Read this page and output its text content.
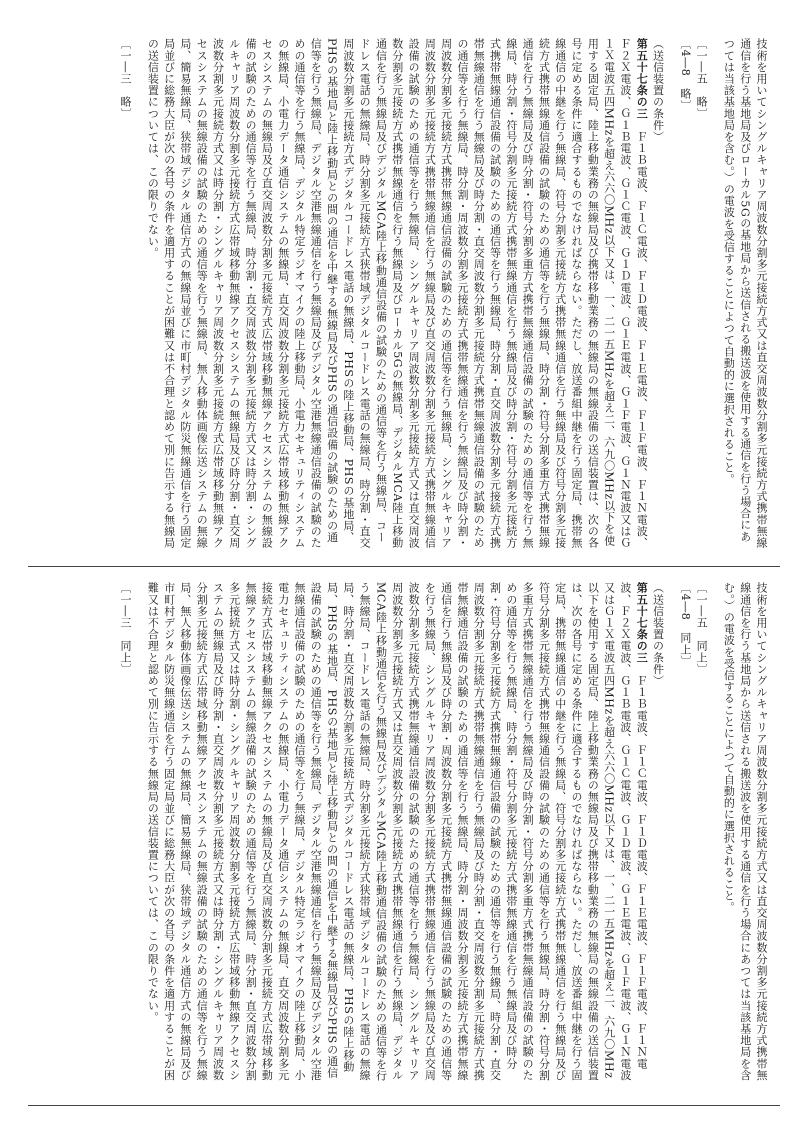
技術を用いてシングルキャリア周波数分割多元接続方式又は直交周波数分割多元接続方式携帯無線通信を行う基地局及びローカル5Gの基地局から送信される搬送波を使用する通信を行う場合にあつては当該基地局を含む。）の電波を受信することによつて自動的に選択されること。

〔一―五　略〕

〔4―8　略〕

（送信装置の条件）

第五十七条の三　Ｆ１Ｂ電波、Ｆ１Ｃ電波、Ｆ１Ｄ電波、Ｆ１Ｅ電波、Ｆ１Ｆ電波、Ｆ１Ｎ電波、Ｆ２Ｘ電波、Ｇ１Ｂ電波、Ｇ１Ｃ電波、Ｇ１Ｄ電波、Ｇ１Ｅ電波、Ｇ１Ｆ電波、Ｇ１Ｎ電波又はＧ１Ｘ電波五四MHzを超え六六〇MHz以下又は、一、二一五MHzを超え二、六九〇MHz以下を使用する固定局、陸上移動業務の無線局及び携帯移動業務の無線局の無線設備の送信装置は、次の各号に定める条件に適合するものでなければならない。ただし、放送番組中継を行う固定局、携帯無線通信の中継を行う無線局、符号分割多元接続方式携帯無線通信を行う無線局及び符号分割多元接続方式携帯無線通信設備の試験のための通信等を行う無線局、時分割・符号分割多重方式携帯無線通信を行う無線局及び時分割・符号分割多重方式携帯無線通信設備の試験のための通信等を行う無線局、時分割・符号分割多元接続方式携帯無線通信を行う無線局及び時分割・符号分割多元接続方式携帯無線通信設備の試験のための通信等を行う無線局、時分割・直交周波数分割多元接続方式携帯無線通信を行う無線局及び時分割・直交周波数分割多元接続方式携帯無線通信設備の試験のための通信等を行う無線局、時分割・周波数分割多元接続方式携帯無線通信を行う無線局及び時分割・周波数分割多元接続方式携帯無線通信設備の試験のための通信等を行う無線局、シングルキャリア周波数分割多元接続方式携帯無線通信を行う無線局及び直交周波数分割多元接続方式携帯無線通信設備の試験のための通信等を行う無線局、シングルキャリア周波数分割多元接続方式又は直交周波数分割多元接続方式携帯無線通信を行う無線局及びローカル5Gの無線局、デジタルMCA陸上移動通信を行う無線局及びデジタルMCA陸上移動通信設備の試験のための通信等を行う無線局、コードレス電話の無線局、時分割多元接続方式狭帯域デジタルコードレス電話の無線局、時分割・直交周波数分割多元接続方式デジタルコードレス電話の無線局、PHSの陸上移動局、PHSの基地局、PHSの基地局と陸上移動局との間の通信を中継する無線局及びPHSの通信設備の試験のための通信等を行う無線局、デジタル空港無線通信を行う無線局及びデジタル空港無線通信設備の試験のための通信等を行う無線局、デジタル特定ラジオマイクの陸上移動局、小電力セキュリティシステムの無線局、小電力データ通信システムの無線局、直交周波数分割多元接続方式広帯域移動無線アクセスシステムの無線局及び直交周波数分割多元接続方式広帯域移動無線アクセスシステムの無線設備の試験のための通信等を行う無線局、時分割・直交周波数分割多元接続方式又は時分割・シングルキャリア周波数分割多元接続方式広帯域移動無線アクセスシステムの無線局及び時分割・直交周波数分割多元接続方式又は時分割・シングルキャリア周波数分割多元接続方式広帯域移動無線アクセスシステムの無線設備の試験のための通信等を行う無線局、無人移動体画像伝送システムの無線局、簡易無線局、狭帯域デジタル通信方式の無線局並びに市町村デジタル防災無線通信を行う固定局並びに総務大臣が次の各号の条件を適用することが困難又は不合理と認めて別に告示する無線局の送信装置については、この限りでない。

〔一―三　略〕

技術を用いてシングルキャリア周波数分割多元接続方式又は直交周波数分割多元接続方式携帯無線通信を行う基地局から送信される搬送波を使用する通信を行う場合にあつては当該基地局を含む。）の電波を受信することによつて自動的に選択されること。

〔一―五　同上〕

〔4―8　同上〕

（送信装置の条件）

第五十七条の三　Ｆ１Ｂ電波、Ｆ１Ｃ電波、Ｆ１Ｄ電波、Ｆ１Ｅ電波、Ｆ１Ｆ電波、Ｆ１Ｎ電波、Ｆ２Ｘ電波、Ｇ１Ｂ電波、Ｇ１Ｃ電波、Ｇ１Ｄ電波、Ｇ１Ｅ電波、Ｇ１Ｆ電波、Ｇ１Ｎ電波又はＧ１Ｘ電波五四MHzを超え六六〇MHz以下又は、一、二一五MHzを超え二、六九〇MHz以下を使用する固定局、陸上移動業務の無線局及び携帯移動業務の無線局の無線設備の送信装置は、次の各号に定める条件に適合するものでなければならない。ただし、放送番組中継を行う固定局、携帯無線通信の中継を行う無線局、符号分割多元接続方式携帯無線通信を行う無線局及び符号分割多元接続方式携帯無線通信設備の試験のための通信等を行う無線局、時分割・符号分割多重方式携帯無線通信を行う無線局及び時分割・符号分割多重方式携帯無線通信設備の試験のための通信等を行う無線局、時分割・符号分割多元接続方式携帯無線通信を行う無線局及び時分割・符号分割多元接続方式携帯無線通信設備の試験のための通信等を行う無線局、時分割・直交周波数分割多元接続方式携帯無線通信を行う無線局及び時分割・直交周波数分割多元接続方式携帯無線通信設備の試験のための通信等を行う無線局、時分割・周波数分割多元接続方式携帯無線通信を行う無線局及び時分割・周波数分割多元接続方式携帯無線通信設備の試験のための通信等を行う無線局、シングルキャリア周波数分割多元接続方式携帯無線通信を行う無線局及び直交周波数分割多元接続方式携帯無線通信設備の試験のための通信等を行う無線局、シングルキャリア周波数分割多元接続方式又は直交周波数分割多元接続方式携帯無線通信を行う無線局、デジタルMCA陸上移動通信を行う無線局及びデジタルMCA陸上移動通信設備の試験のための通信等を行う無線局、コードレス電話の無線局、時分割多元接続方式狭帯域デジタルコードレス電話の無線局、時分割・直交周波数分割多元接続方式デジタルコードレス電話の無線局、PHSの陸上移動局、PHSの基地局、PHSの基地局と陸上移動局との間の通信を中継する無線局及びPHSの通信設備の試験のための通信等を行う無線局、デジタル空港無線通信を行う無線局及びデジタル空港無線通信設備の試験のための通信等を行う無線局、デジタル特定ラジオマイクの陸上移動局、小電力セキュリティシステムの無線局、小電力データ通信システムの無線局、直交周波数分割多元接続方式広帯域移動無線アクセスシステムの無線局及び直交周波数分割多元接続方式広帯域移動無線アクセスシステムの無線設備の試験のための通信等を行う無線局、時分割・直交周波数分割多元接続方式又は時分割・シングルキャリア周波数分割多元接続方式広帯域移動無線アクセスシステムの無線局及び時分割・直交周波数分割多元接続方式又は時分割・シングルキャリア周波数分割多元接続方式広帯域移動無線アクセスシステムの無線設備の試験のための通信等を行う無線局、無人移動体画像伝送システムの無線局、簡易無線局、狭帯域デジタル通信方式の無線局及び市町村デジタル防災無線通信を行う固定局並びに総務大臣が次の各号の条件を適用することが困難又は不合理と認めて別に告示する無線局の送信装置については、この限りでない。

〔一―三　同上〕
